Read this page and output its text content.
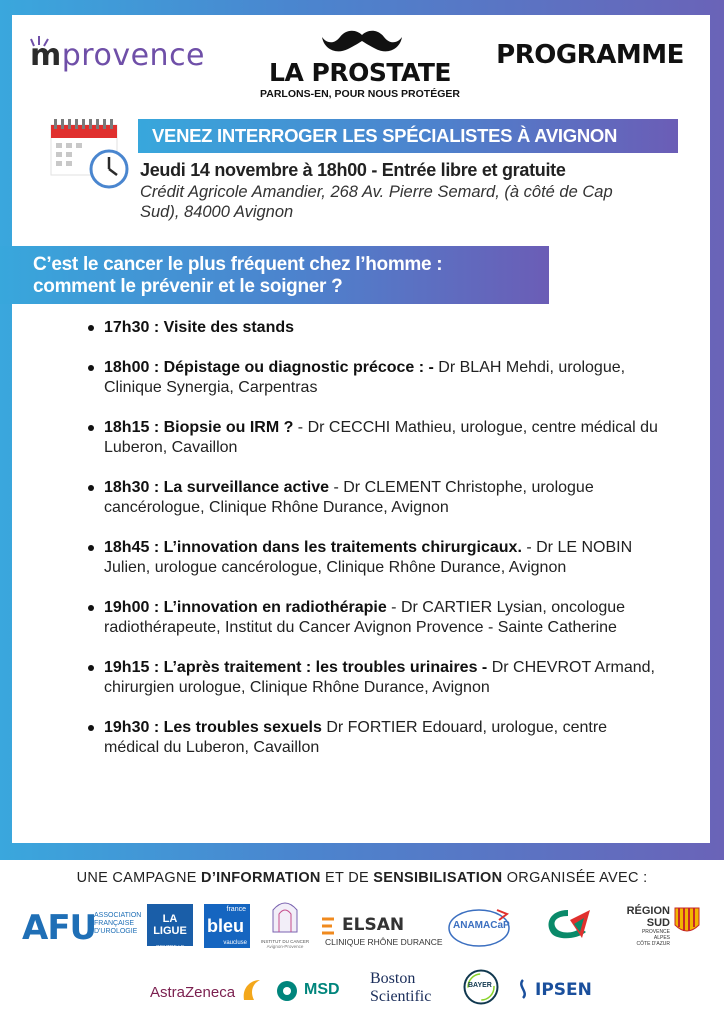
mprovence	LA PROSTATE
PARLONS-EN, POUR NOUS PROTÉGER
PROGRAMME
VENEZ INTERROGER LES SPÉCIALISTES À AVIGNON
Jeudi 14 novembre à 18h00 - Entrée libre et gratuite
Crédit Agricole Amandier, 268 Av. Pierre Semard, (à côté de Cap
Sud), 84000 Avignon
C’est le cancer le plus fréquent chez l’homme :
comment le prévenir et le soigner ?
17h30 : Visite des stands
18h00 : Dépistage ou diagnostic précoce : - Dr BLAH Mehdi, urologue, Clinique Synergia, Carpentras
18h15 : Biopsie ou IRM ? - Dr CECCHI Mathieu, urologue, centre médical du Luberon, Cavaillon
18h30 : La surveillance active - Dr CLEMENT Christophe, urologue cancérologue, Clinique Rhône Durance, Avignon
18h45 : L’innovation dans les traitements chirurgicaux. - Dr LE NOBIN Julien, urologue cancérologue, Clinique Rhône Durance, Avignon
19h00 : L’innovation en radiothérapie - Dr CARTIER Lysian, oncologue radiothérapeute, Institut du Cancer Avignon Provence - Sainte Catherine
19h15 : L’après traitement : les troubles urinaires - Dr CHEVROT Armand, chirurgien urologue, Clinique Rhône Durance, Avignon
19h30 : Les troubles sexuels Dr FORTIER Edouard, urologue, centre médical du Luberon, Cavaillon
UNE CAMPAGNE D’INFORMATION ET DE SENSIBILISATION ORGANISÉE AVEC :
AFU
ASSOCIATION
FRANÇAISE
D'UROLOGIE
LA LIGUE
CONTRE LE CANCER
france
bleu
vaucluse	INSTITUT DU CANCER
Avignon-Provence
ELSAN
CLINIQUE RHÔNE DURANCE
ANAMACaP
RÉGION
SUD
PROVENCE
ALPES
CÔTE D'AZUR
AstraZeneca	MSD
Boston
Scientific
BAYER	IPSEN
